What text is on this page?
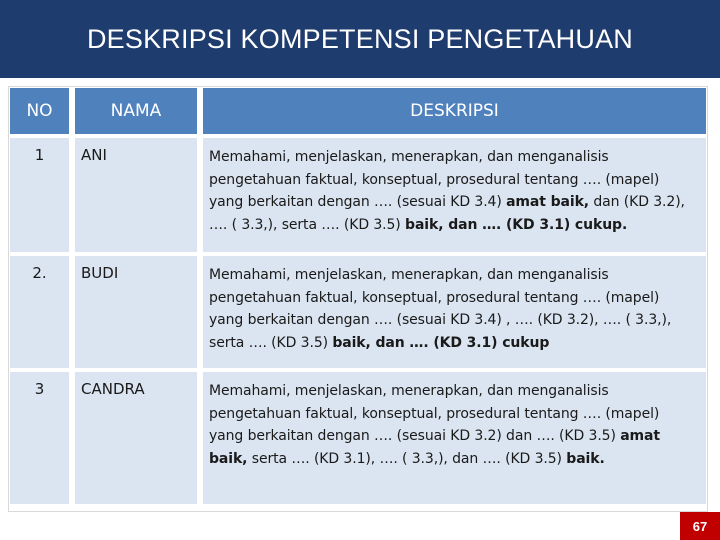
DESKRIPSI KOMPETENSI PENGETAHUAN
NO	NAMA	DESKRIPSI
1	ANI	Memahami, menjelaskan, menerapkan, dan menganalisis pengetahuan faktual, konseptual, prosedural tentang …. (mapel) yang berkaitan dengan …. (sesuai KD 3.4) amat baik, dan (KD 3.2), …. ( 3.3,), serta …. (KD 3.5) baik, dan …. (KD 3.1) cukup.
2.	BUDI	Memahami, menjelaskan, menerapkan, dan menganalisis pengetahuan faktual, konseptual, prosedural tentang …. (mapel) yang berkaitan dengan …. (sesuai KD 3.4) , …. (KD 3.2), …. ( 3.3,), serta …. (KD 3.5) baik, dan …. (KD 3.1) cukup
3	CANDRA	Memahami, menjelaskan, menerapkan, dan menganalisis pengetahuan faktual, konseptual, prosedural tentang …. (mapel) yang berkaitan dengan …. (sesuai KD 3.2) dan …. (KD 3.5) amat baik, serta …. (KD 3.1), …. ( 3.3,), dan …. (KD 3.5) baik.
67
